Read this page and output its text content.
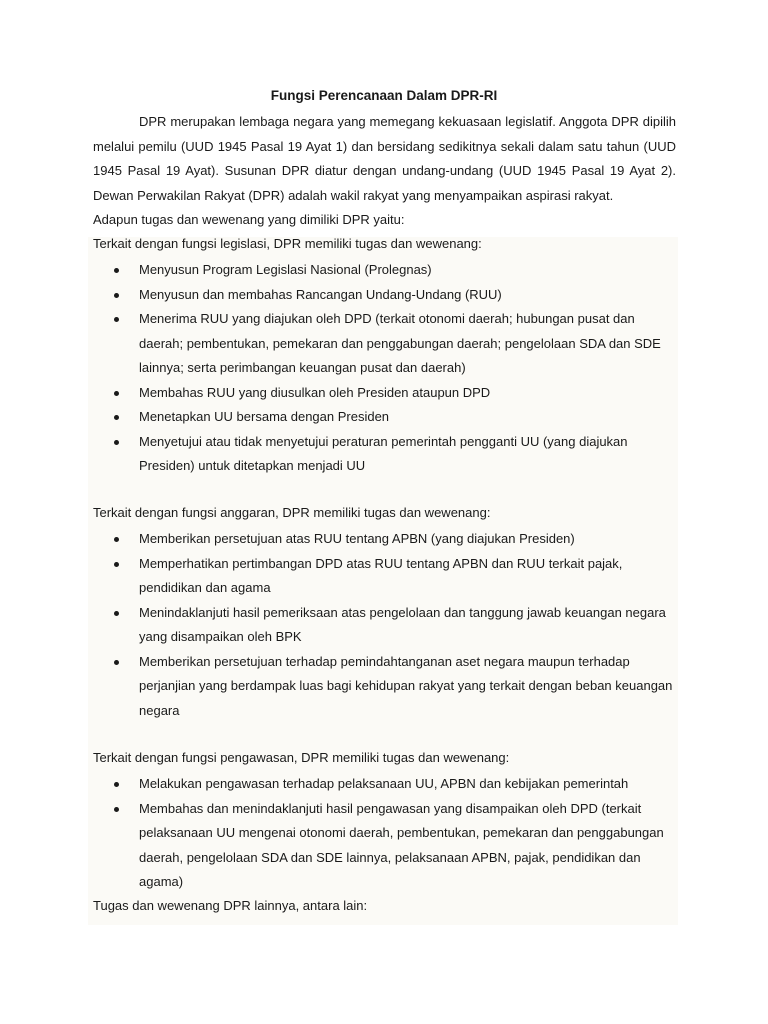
Fungsi Perencanaan Dalam DPR-RI
DPR merupakan lembaga negara yang memegang kekuasaan legislatif. Anggota DPR dipilih melalui pemilu (UUD 1945 Pasal 19 Ayat 1) dan bersidang sedikitnya sekali dalam satu tahun (UUD 1945 Pasal 19 Ayat). Susunan DPR diatur dengan undang-undang (UUD 1945 Pasal 19 Ayat 2). Dewan Perwakilan Rakyat (DPR) adalah wakil rakyat yang menyampaikan aspirasi rakyat.
Adapun tugas dan wewenang yang dimiliki DPR yaitu:
Terkait dengan fungsi legislasi, DPR memiliki tugas dan wewenang:
Menyusun Program Legislasi Nasional (Prolegnas)
Menyusun dan membahas Rancangan Undang-Undang (RUU)
Menerima RUU yang diajukan oleh DPD (terkait otonomi daerah; hubungan pusat dan daerah; pembentukan, pemekaran dan penggabungan daerah; pengelolaan SDA dan SDE lainnya; serta perimbangan keuangan pusat dan daerah)
Membahas RUU yang diusulkan oleh Presiden ataupun DPD
Menetapkan UU bersama dengan Presiden
Menyetujui atau tidak menyetujui peraturan pemerintah pengganti UU (yang diajukan Presiden) untuk ditetapkan menjadi UU
Terkait dengan fungsi anggaran, DPR memiliki tugas dan wewenang:
Memberikan persetujuan atas RUU tentang APBN (yang diajukan Presiden)
Memperhatikan pertimbangan DPD atas RUU tentang APBN dan RUU terkait pajak, pendidikan dan agama
Menindaklanjuti hasil pemeriksaan atas pengelolaan dan tanggung jawab keuangan negara yang disampaikan oleh BPK
Memberikan persetujuan terhadap pemindahtanganan aset negara maupun terhadap perjanjian yang berdampak luas bagi kehidupan rakyat yang terkait dengan beban keuangan negara
Terkait dengan fungsi pengawasan, DPR memiliki tugas dan wewenang:
Melakukan pengawasan terhadap pelaksanaan UU, APBN dan kebijakan pemerintah
Membahas dan menindaklanjuti hasil pengawasan yang disampaikan oleh DPD (terkait pelaksanaan UU mengenai otonomi daerah, pembentukan, pemekaran dan penggabungan daerah, pengelolaan SDA dan SDE lainnya, pelaksanaan APBN, pajak, pendidikan dan agama)
Tugas dan wewenang DPR lainnya, antara lain:
